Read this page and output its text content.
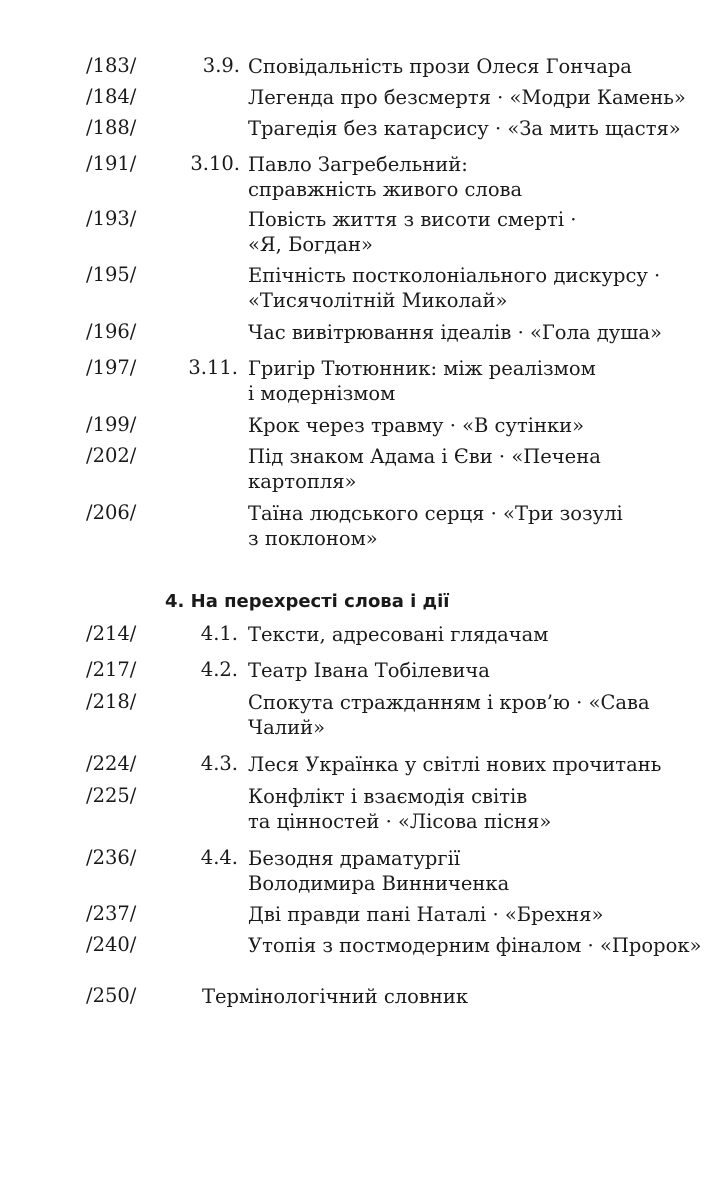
/183/	3.9. Сповідальність прози Олеся Гончара
/184/	Легенда про безсмертя · «Модри Камень»
/188/	Трагедія без катарсису · «За мить щастя»
/191/	3.10. Павло Загребельний:
справжність живого слова
/193/	Повість життя з висоти смерті ·
«Я, Богдан»
/195/	Епічність постколоніального дискурсу ·
«Тисячолітній Миколай»
/196/	Час вивітрювання ідеалів · «Гола душа»
/197/	3.11. Григір Тютюнник: між реалізмом
і модернізмом
/199/	Крок через травму · «В сутінки»
/202/	Під знаком Адама і Єви · «Печена
картопля»
/206/	Таїна людського серця · «Три зозулі
з поклоном»
4. На перехресті слова і дії
/214/	4.1. Тексти, адресовані глядачам
/217/	4.2. Театр Івана Тобілевича
/218/	Спокута стражданням і кров’ю · «Сава
Чалий»
/224/	4.3. Леся Українка у світлі нових прочитань
/225/	Конфлікт і взаємодія світів
та цінностей · «Лісова пісня»
/236/	4.4. Безодня драматургії
Володимира Винниченка
/237/	Дві правди пані Наталі · «Брехня»
/240/	Утопія з постмодерним фіналом · «Пророк»
/250/	Термінологічний словник
